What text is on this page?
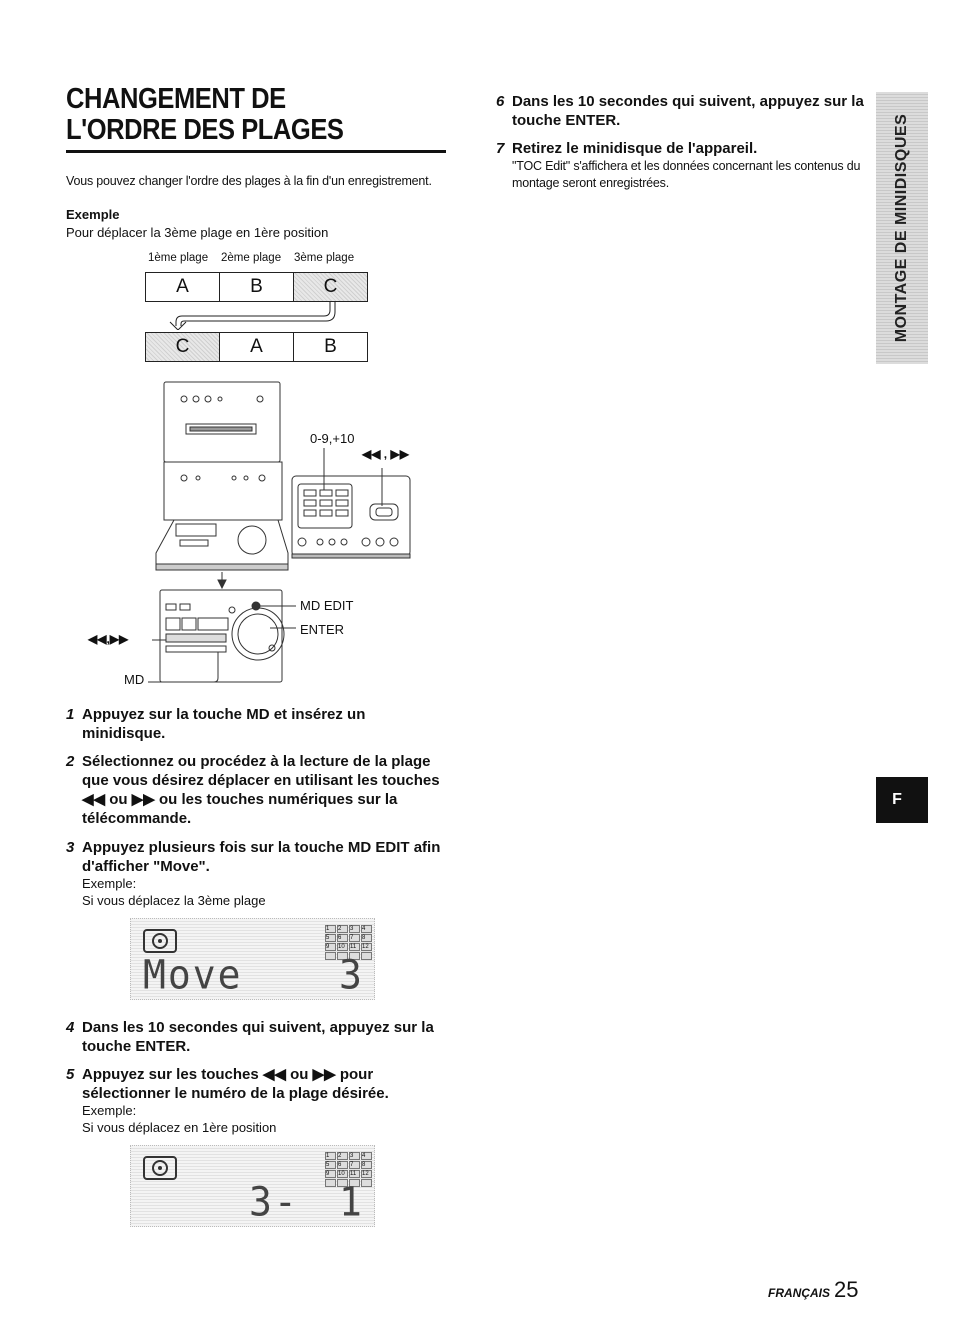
CHANGEMENT DE L'ORDRE DES PLAGES

Vous pouvez changer l'ordre des plages à la fin d'un enregistrement.

Exemple
Pour déplacer la 3ème plage en 1ère position
1ème plage	2ème plage	3ème plage
A	B	C
C	A	B
0-9,+10
◀◀ , ▶▶
MD EDIT
ENTER
◀◀,▶▶
MD
1 Appuyez sur la touche MD et insérez un minidisque.
2 Sélectionnez ou procédez à la lecture de la plage que vous désirez déplacer en utilisant les touches ◀◀ ou ▶▶ ou les touches numériques sur la télécommande.
3 Appuyez plusieurs fois sur la touche MD EDIT afin d'afficher "Move".
Exemple:
Si vous déplacez la 3ème plage
1	2	3	4
5	6	7	8
9	10 11 12
Move	3
4 Dans les 10 secondes qui suivent, appuyez sur la touche ENTER.
5 Appuyez sur les touches ◀◀ ou ▶▶ pour sélectionner le numéro de la plage désirée.
Exemple:
Si vous déplacez en 1ère position
1	2	3	4
5	6	7	8
9	10 11 12
3- 1
6 Dans les 10 secondes qui suivent, appuyez sur la touche ENTER.
7 Retirez le minidisque de l'appareil.
"TOC Edit" s'affichera et les données concernant les contenus du montage seront enregistrées.	MONTAGE DE MINIDISQUES
F
FRANÇAIS 25
